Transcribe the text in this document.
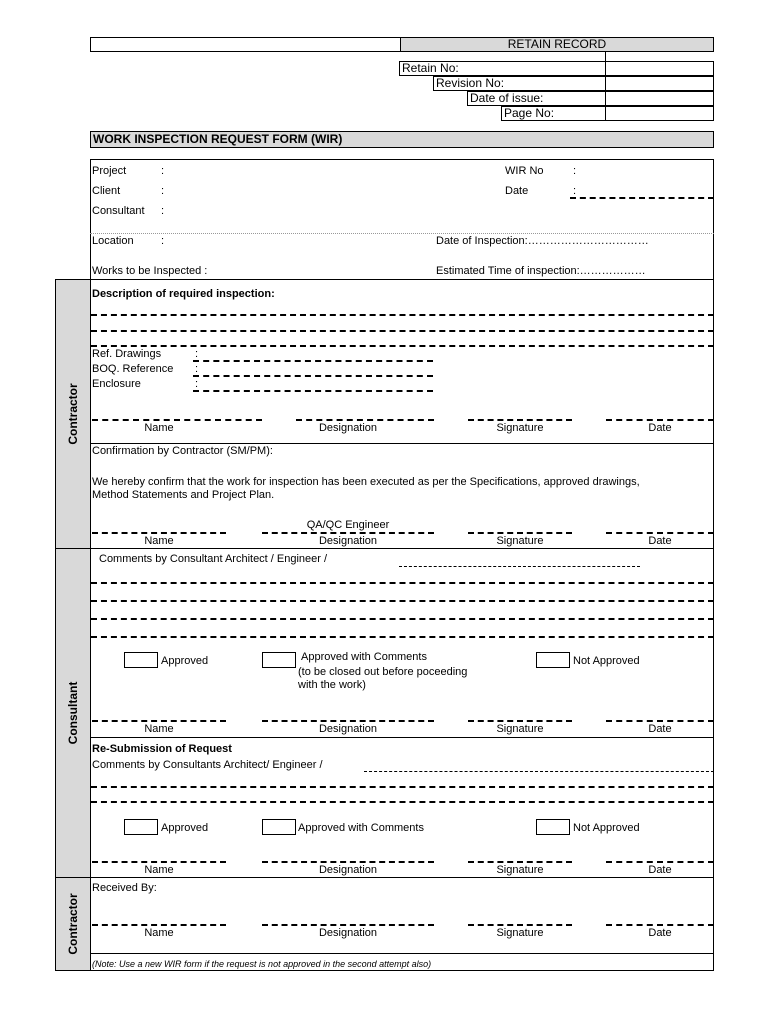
RETAIN RECORD
Retain No:
Revision No:
Date of issue:
Page No:
WORK INSPECTION REQUEST FORM (WIR)
Project	:
Client	:
Consultant :
WIR No	:
Date	:
Location :	Date of Inspection:……………………………
Works to be Inspected :	Estimated Time of inspection:………………
Contractor
Description of required inspection:
Ref. Drawings	:
BOQ. Reference :
Enclosure	:
Name	Designation	Signature	Date
Confirmation by Contractor (SM/PM):
We hereby confirm that the work for inspection has been executed as per the Specifications, approved drawings,
Method Statements and Project Plan.
QA/QC Engineer
Name	Designation	Signature	Date
Consultant
Comments by Consultant Architect / Engineer /
Approved	Approved with Comments
(to be closed out before poceeding
with the work)
Not Approved
Name	Designation	Signature	Date
Re-Submission of Request
Comments by Consultants Architect/ Engineer /
Approved	Approved with Comments	Not Approved
Name	Designation	Signature	Date
Contractor
Received By:
Name	Designation	Signature	Date
(Note: Use a new WIR form if the request is not approved in the second attempt also)
